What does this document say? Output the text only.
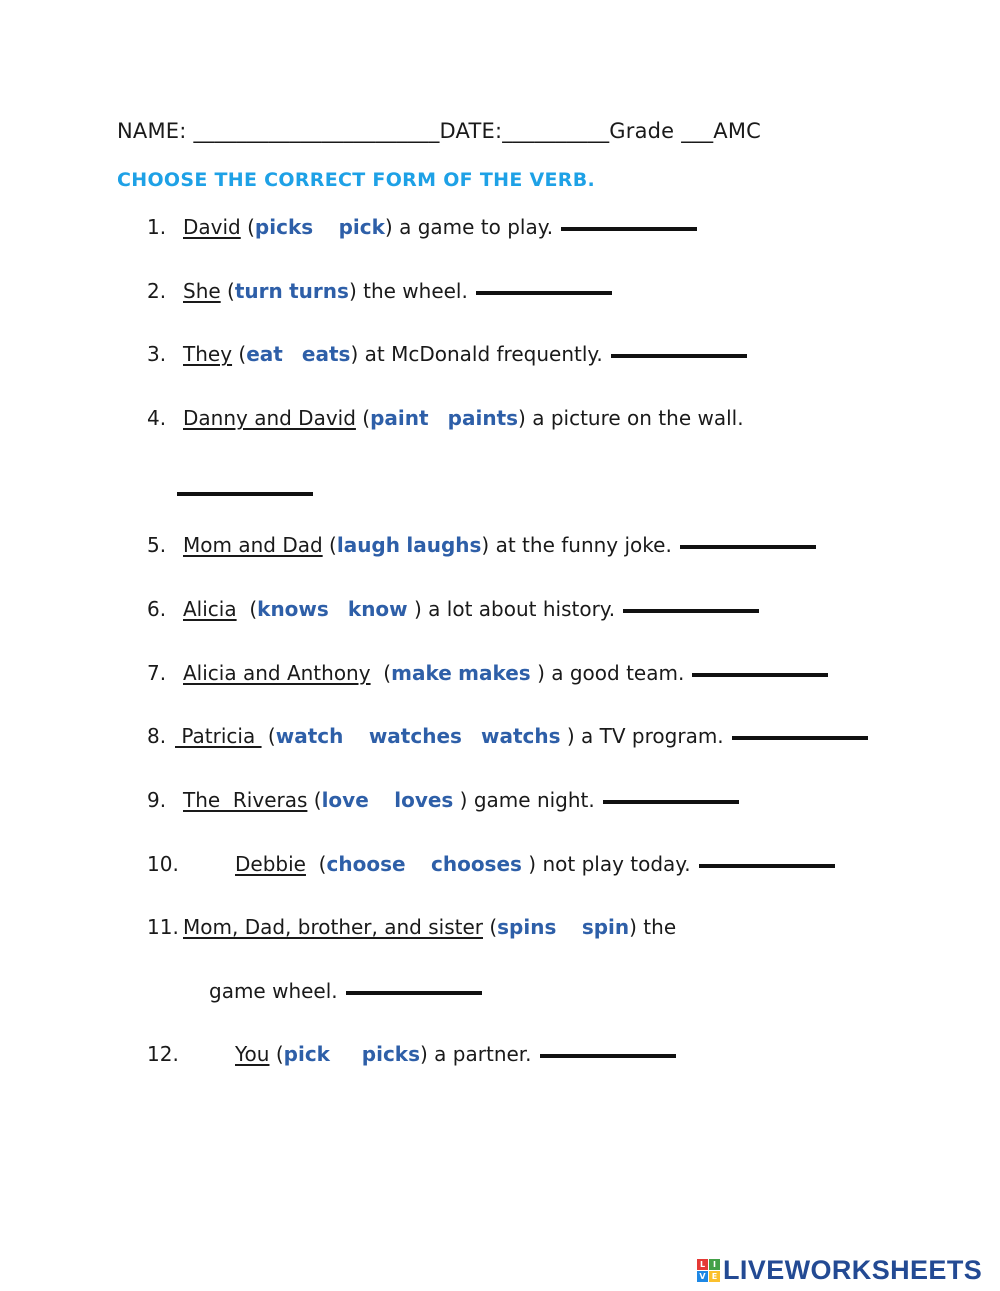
NAME: _______________________DATE:__________Grade ___AMC
CHOOSE THE CORRECT FORM OF THE VERB.
1. David (picks pick) a game to play.
2. She (turn turns) the wheel.
3. They (eat eats) at McDonald frequently.
4. Danny and David (paint paints) a picture on the wall.
5. Mom and Dad (laugh laughs) at the funny joke.
6. Alicia  (knows know ) a lot about history.
7. Alicia and Anthony  (make makes ) a good team.
8. Patricia  (watch watches watchs ) a TV program.
9. The  Riveras (love loves ) game night.
10.	Debbie  (choose chooses ) not play today.
11. Mom, Dad, brother, and sister (spins spin) the
game wheel.
12.	You (pick picks) a partner.
L I
V E LIVEWORKSHEETS
